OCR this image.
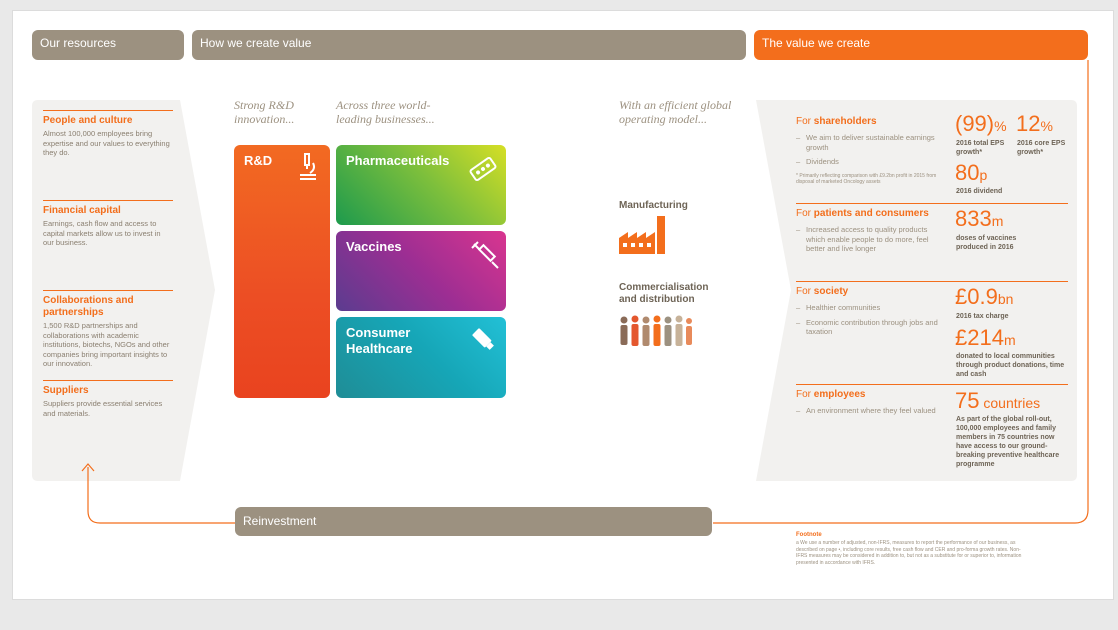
Our resources	How we create value	The value we create
People and culture
Almost 100,000 employees bring expertise and our values to everything they do.
Financial capital
Earnings, cash flow and access to capital markets allow us to invest in our business.
Collaborations and partnerships
1,500 R&D partnerships and collaborations with academic institutions, biotechs, NGOs and other companies bring important insights to our innovation.
Suppliers
Suppliers provide essential services and materials.
Strong R&D innovation...
Across three world-leading businesses...
With an efficient global operating model...
R&D	Pharmaceuticals
Vaccines
Consumer Healthcare
Manufacturing
Commercialisation and distribution
For shareholders
– We aim to deliver sustainable earnings growth
– Dividends
* Primarily reflecting comparison with £9.2bn profit in 2015 from disposal of marketed Oncology assets
(99)%
2016 total EPS growth*
12%
2016 core EPS growth*
80p
2016 dividend
For patients and consumers
– Increased access to quality products which enable people to do more, feel better and live longer
833m
doses of vaccines produced in 2016
For society
– Healthier communities
– Economic contribution through jobs and taxation
£0.9bn
2016 tax charge
£214m
donated to local communities through product donations, time and cash
For employees
– An environment where they feel valued 75 countries
As part of the global roll-out, 100,000 employees and family members in 75 countries now have access to our ground-breaking preventive healthcare programme
Reinvestment
Footnote
a We use a number of adjusted, non-IFRS, measures to report the performance of our business, as described on page •, including core results, free cash flow and CER and pro-forma growth rates. Non-IFRS measures may be considered in addition to, but not as a substitute for or superior to, information presented in accordance with IFRS.
